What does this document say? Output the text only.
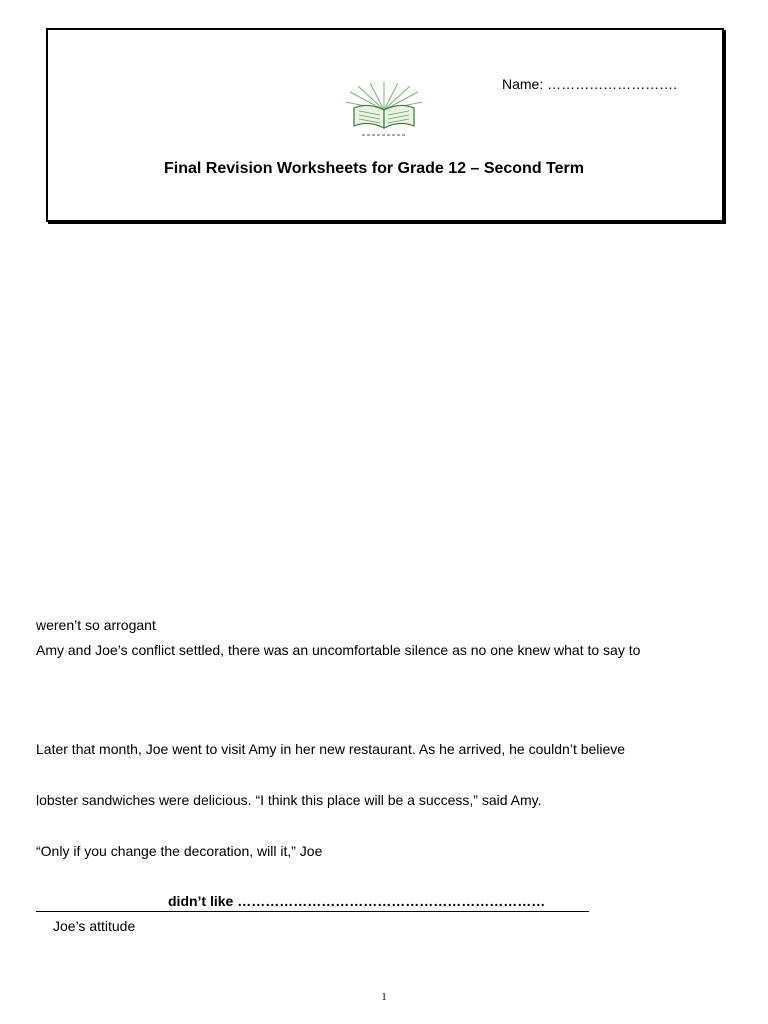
Name: ……………………….
Final Revision Worksheets for Grade 12 – Second Term
weren’t so arrogant
Amy and Joe’s conflict settled, there was an uncomfortable silence as no one knew what to say to
Later that month, Joe went to visit Amy in her new restaurant. As he arrived, he couldn’t believe
lobster sandwiches were delicious. “I think this place will be a success,” said Amy.
“Only if you change the decoration, will it,” Joe
didn’t like …………………………………………………………
Joe’s attitude
1
